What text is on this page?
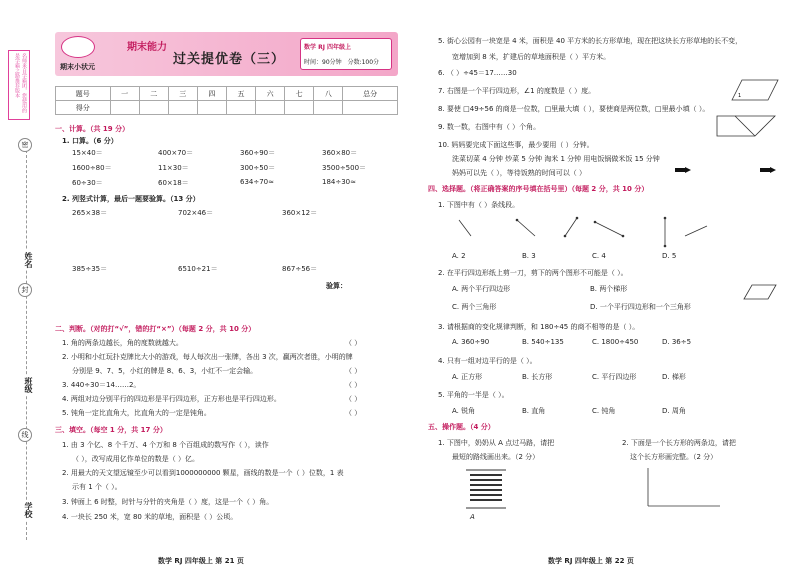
名师来自学霸团，您使用的是学霸之路推荐版本
密
姓名
封
班级
线
学校
期末小状元
期末能力
过关提优卷（三）
数学 RJ 四年级上
时间：90分钟 分数:100分
题号	一	二	三	四	五	六	七	八	总分
得分									
一、计算。（共 19 分）
1. 口算。（6 分）
15×40＝	400×70＝	360÷90＝	360×80＝
1600÷80＝	11×30＝	300÷50＝	3500÷500＝
60÷30＝	60×18＝	634÷70≈	184÷30≈
2. 列竖式计算，最后一题要验算。（13 分）
265×38＝	702×46＝	360×12＝
385÷35＝	6510÷21＝	867÷56＝
验算：
二、判断。（对的打“√”，错的打“×”）（每题 2 分，共 10 分）
1. 角的两条边越长，角的度数就越大。
2. 小明和小红玩扑克牌比大小的游戏，每人每次出一张牌，各出 3 次，赢两次者胜，小明的牌
分别是 9、7、5，小红的牌是 8、6、3，小红不一定会输。
3. 440÷30＝14……2。
4. 两组对边分别平行的四边形是平行四边形，正方形也是平行四边形。
5. 钝角一定比直角大，比直角大的一定是钝角。
（ ）
（ ）
（ ）
（ ）
（ ）
三、填空。（每空 1 分，共 17 分）
1. 由 3 个亿、8 个千万、4 个万和 8 个百组成的数写作（ ），读作
（ ），改写成用亿作单位的数是（ ）亿。
2. 用最大的天文望远镜至少可以看到1000000000 颗星，画线的数是一个（ ）位数，1 表
示有 1 个（ ）。
3. 钟面上 6 时整，时针与分针的夹角是（ ）度，这是一个（ ）角。
4. 一块长 250 米，宽 80 米的草地，面积是（ ）公顷。
数学 RJ 四年级上 第 21 页
5. 街心公园有一块宽是 4 米，面积是 40 平方米的长方形草地，现在把这块长方形草地的长不变，
宽增加到 8 米，扩建后的草地面积是（ ）平方米。
6. （ ）÷45＝17……30
7. 右图是一个平行四边形，∠1 的度数是（ ）度。
8. 要使 □49÷56 的商是一位数，□里最大填（ ），要使商是两位数，□里最小填（ ）。
9. 数一数，右图中有（ ）个角。
10. 妈妈要完成下面这些事，最少要用（ ）分钟。
洗菜切菜 4 分钟 炒菜 5 分钟 淘米 1 分钟 用电饭锅做米饭 15 分钟
妈妈可以先（ ），等待饭熟的时间可以（ ）
1
四、选择题。（将正确答案的序号填在括号里）（每题 2 分，共 10 分）
1. 下图中有（ ）条线段。
A. 2	B. 3	C. 4	D. 5
2. 在平行四边形纸上剪一刀，剪下的两个图形不可能是（ ）。
A. 两个平行四边形	B. 两个梯形
C. 两个三角形	D. 一个平行四边形和一个三角形
3. 请根据商的变化规律判断，和 180÷45 的商不相等的是（ ）。
A. 360÷90	B. 540÷135	C. 1800÷450	D. 36÷5
4. 只有一组对边平行的是（ ）。
A. 正方形	B. 长方形	C. 平行四边形	D. 梯形
5. 平角的一半是（ ）。
A. 锐角	B. 直角	C. 钝角	D. 周角
五、操作题。（4 分）
1. 下图中，奶奶从 A 点过马路，请把
最短的路线画出来。（2 分）
2. 下面是一个长方形的两条边，请把
这个长方形画完整。（2 分）
A
数学 RJ 四年级上 第 22 页
